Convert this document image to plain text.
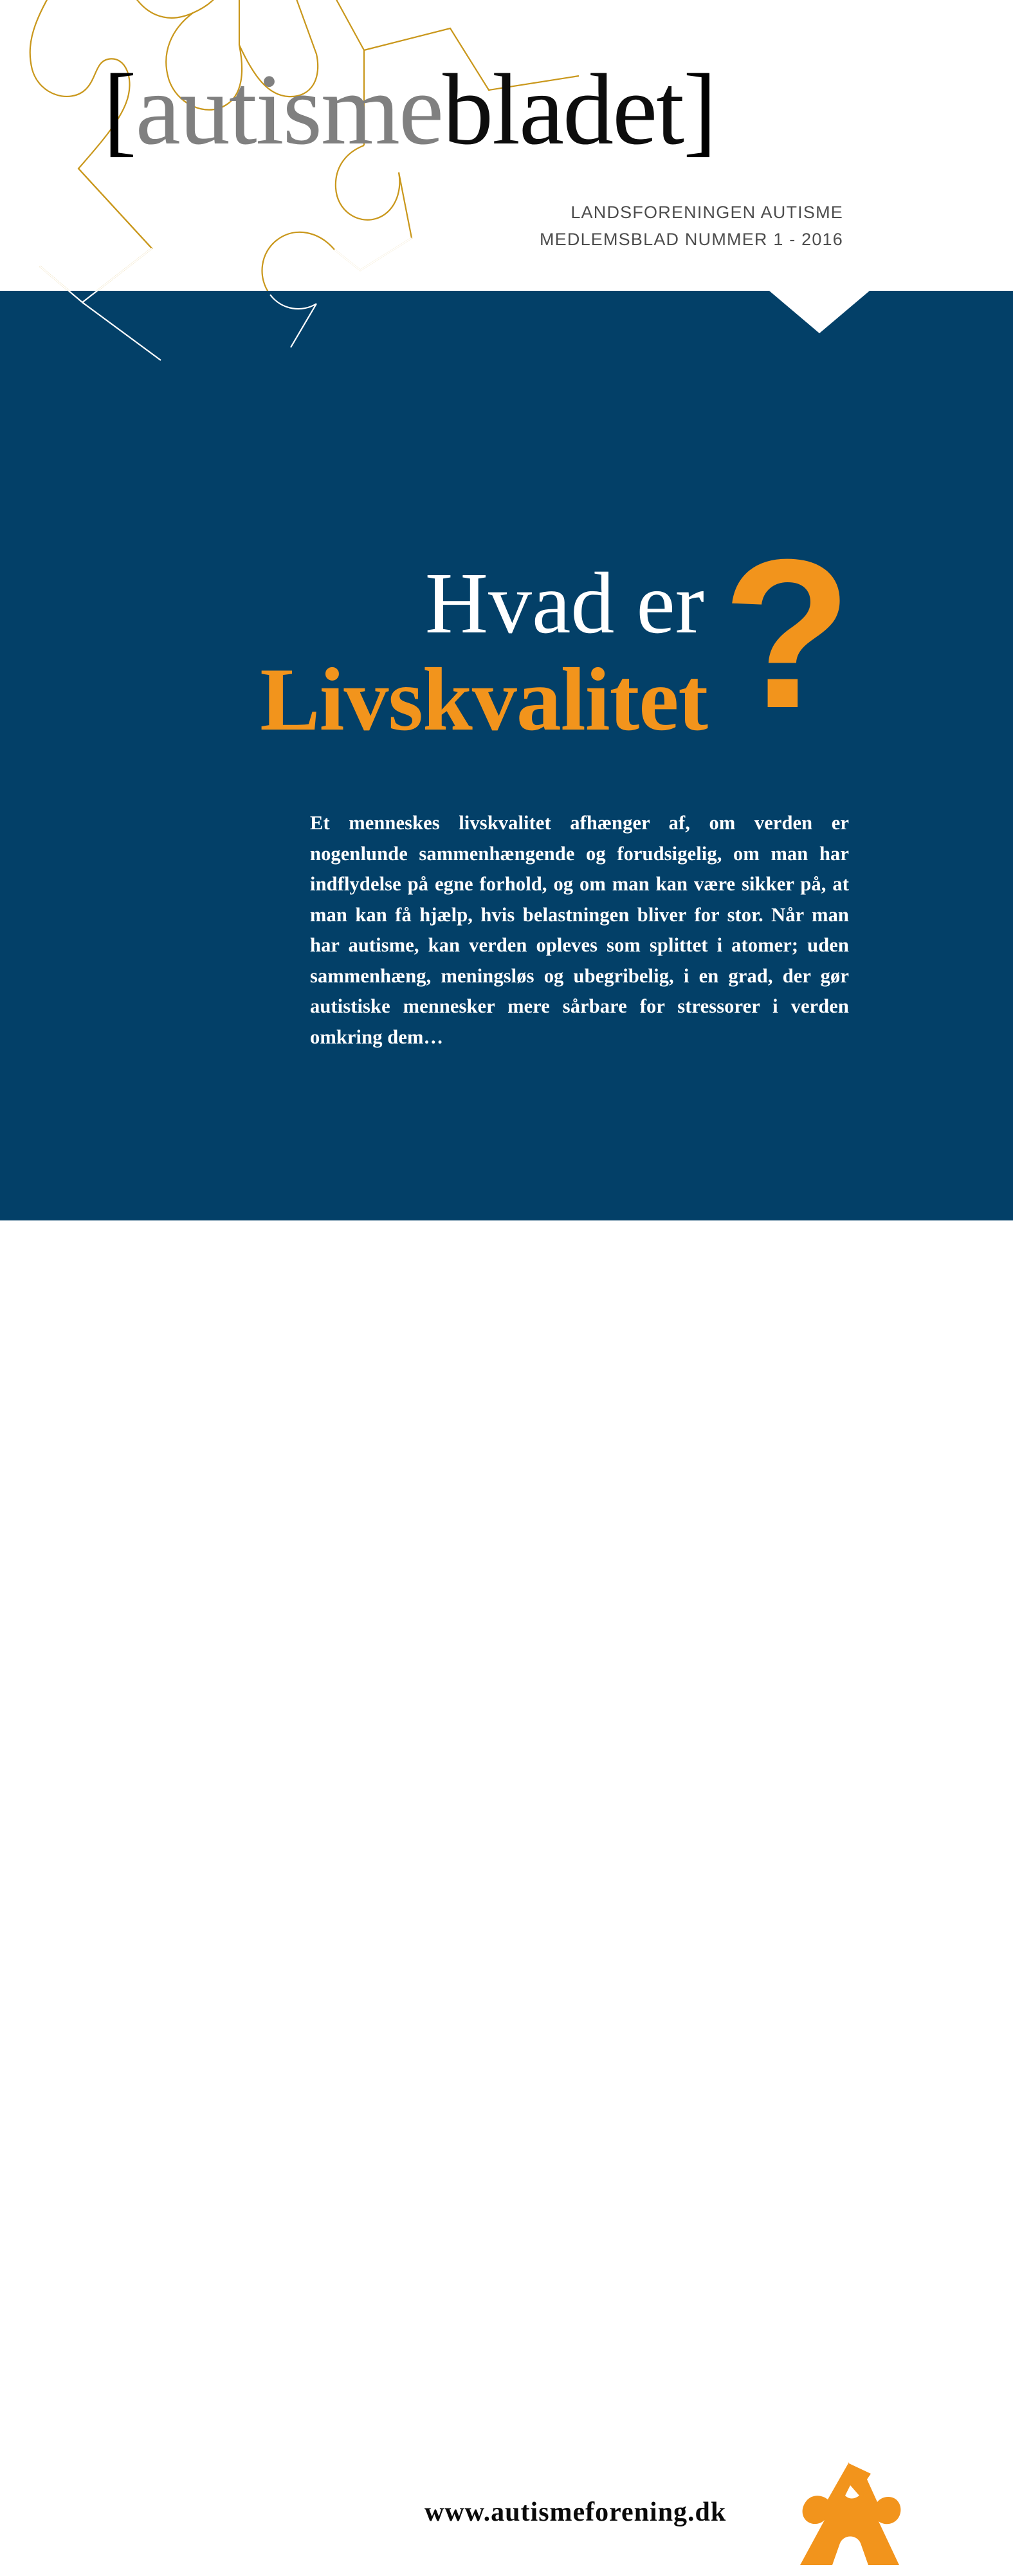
[autismebladet]
LANDSFORENINGEN AUTISME
MEDLEMSBLAD NUMMER 1 - 2016
Hvad er
Livskvalitet ?
Et menneskes livskvalitet afhænger af, om verden er nogenlunde sammenhængende og forudsigelig, om man har indflydelse på egne forhold, og om man kan være sikker på, at man kan få hjælp, hvis belastningen bliver for stor. Når man har autisme, kan verden opleves som splittet i atomer; uden sammenhæng, meningsløs og ubegribelig, i en grad, der gør autistiske mennesker mere sårbare for stressorer i verden omkring dem…
www.autismeforening.dk
